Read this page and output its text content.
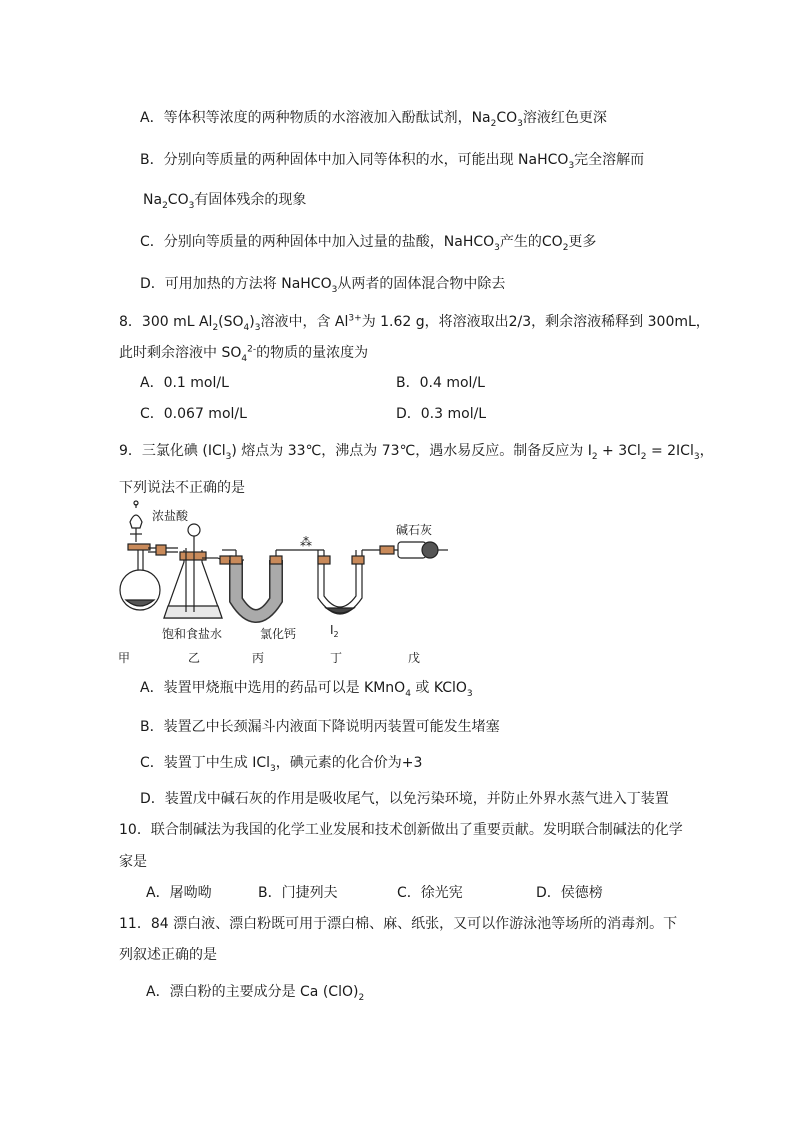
A．等体积等浓度的两种物质的水溶液加入酚酞试剂，$Na_2CO_3$溶液红色更深
B．分别向等质量的两种固体中加入同等体积的水，可能出现 NaHCO$_3$完全溶解而
$Na_2CO_3$有固体残余的现象
C．分别向等质量的两种固体中加入过量的盐酸，NaHCO$_3$产生的$CO_2$更多
D．可用加热的方法将 NaHCO$_3$从两者的固体混合物中除去
8．300 mL $Al_2(SO_4)_3$溶液中，含 $Al^{3+}$为 1.62 g，将溶液取出2/3，剩余溶液稀释到 300mL，
此时剩余溶液中 $SO_4^{2-}$的物质的量浓度为
A．0.1 mol/L	B．0.4 mol/L
C．0.067 mol/L	D．0.3 mol/L
9．三氯化碘 (ICl$_3$) 熔点为 33℃，沸点为 73℃，遇水易反应。制备反应为 $I_2 + 3Cl_2 = 2ICl_3$，
下列说法不正确的是
⁂
浓盐酸
碱石灰
饱和食盐水	氯化钙	$I_2$
甲	乙	丙	丁	戊
A．装置甲烧瓶中选用的药品可以是 KMnO$_4$ 或 KClO$_3$
B．装置乙中长颈漏斗内液面下降说明丙装置可能发生堵塞
C．装置丁中生成 ICl$_3$，碘元素的化合价为+3
D．装置戊中碱石灰的作用是吸收尾气，以免污染环境，并防止外界水蒸气进入丁装置
10．联合制碱法为我国的化学工业发展和技术创新做出了重要贡献。发明联合制碱法的化学
家是
A．屠呦呦	B．门捷列夫	C．徐光宪	D．侯德榜
11．84 漂白液、漂白粉既可用于漂白棉、麻、纸张，又可以作游泳池等场所的消毒剂。下
列叙述正确的是
A．漂白粉的主要成分是 Ca $(ClO)_2$
